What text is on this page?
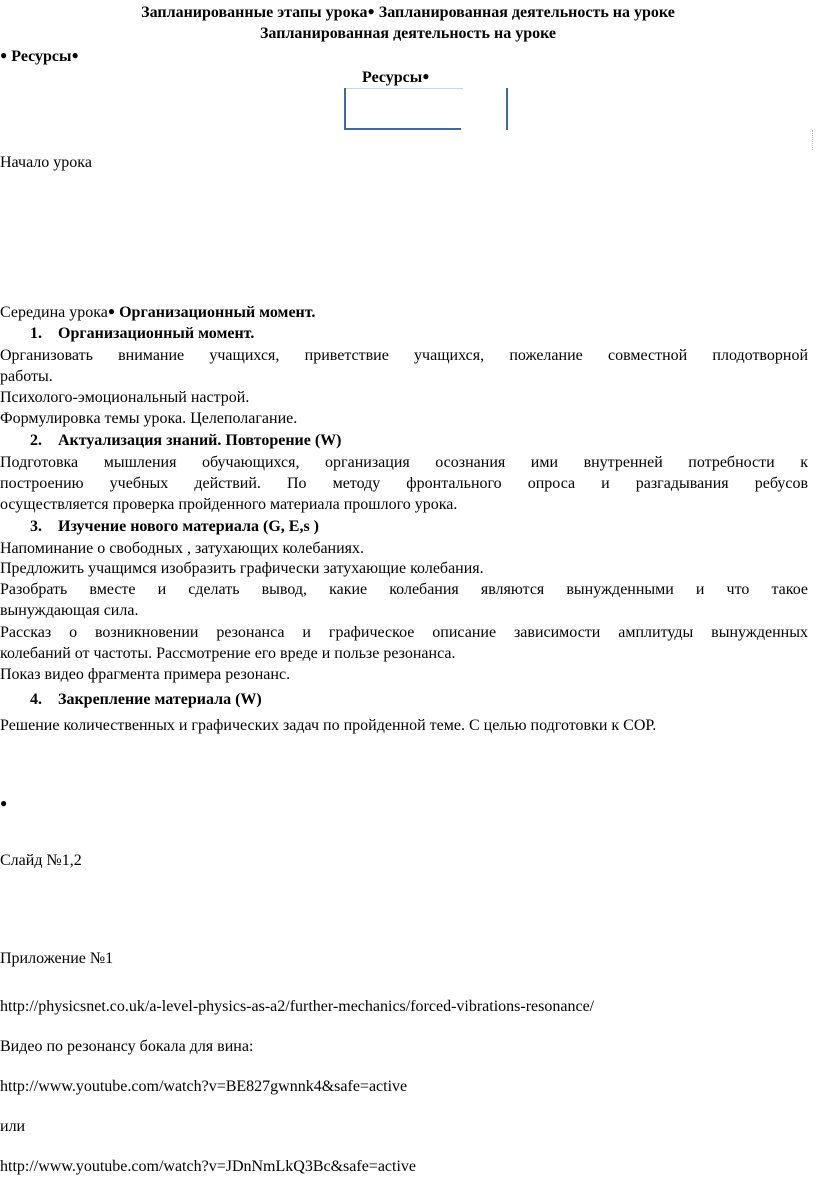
Запланированные этапы урока● Запланированная деятельность на уроке
Запланированная деятельность на уроке
● Ресурсы●
Ресурсы●
Начало урока
Середина урока● Организационный момент.
1. Организационный момент.
Организовать внимание учащихся, приветствие учащихся, пожелание совместной плодотворной
работы.
Психолого-эмоциональный настрой.
Формулировка темы урока. Целеполагание.
2. Актуализация знаний. Повторение (W)
Подготовка мышления обучающихся, организация осознания ими внутренней потребности к
построению учебных действий. По методу фронтального опроса и разгадывания ребусов
осуществляется проверка пройденного материала прошлого урока.
3. Изучение нового материала (G, E,s )
Напоминание о свободных , затухающих колебаниях.
Предложить учащимся изобразить графически затухающие колебания.
Разобрать вместе и сделать вывод, какие колебания являются вынужденными и что такое
вынуждающая сила.
Рассказ о возникновении резонанса и графическое описание зависимости амплитуды вынужденных
колебаний от частоты. Рассмотрение его вреде и пользе резонанса.
Показ видео фрагмента примера резонанс.
4. Закрепление материала (W)
Решение количественных и графических задач по пройденной теме. С целью подготовки к СОР.
●
Слайд №1,2
Приложение №1
http://physicsnet.co.uk/a-level-physics-as-a2/further-mechanics/forced-vibrations-resonance/
Видео по резонансу бокала для вина:
http://www.youtube.com/watch?v=BE827gwnnk4&safe=active
или
http://www.youtube.com/watch?v=JDnNmLkQ3Bc&safe=active
